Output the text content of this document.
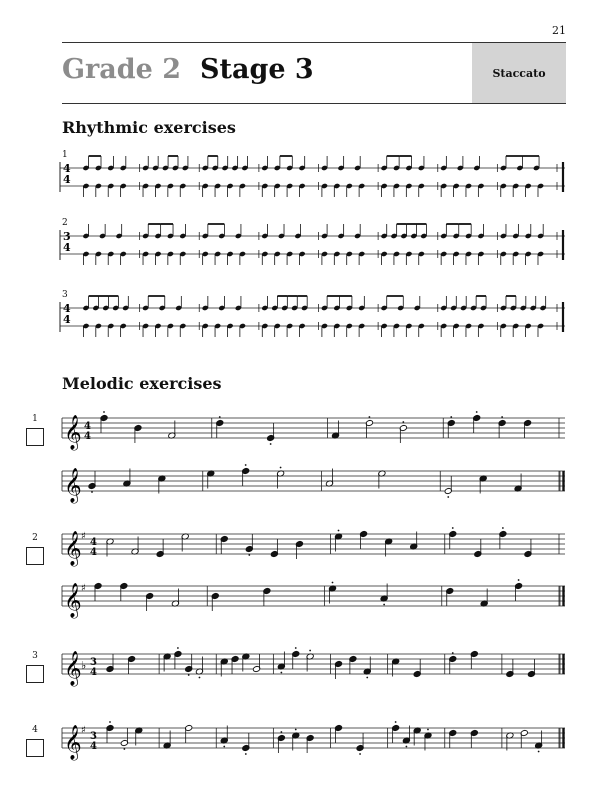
21
Grade 2 Stage 3	Staccato
Rhythmic exercises
1
4
4
2
3
4
3
4
4
Melodic exercises
1
4
4
𝄞
𝄞
2	4
4
𝄞 ♯
𝄞 ♯
3
3
4
𝄞 ♭
4
3
4
𝄞 ♯
